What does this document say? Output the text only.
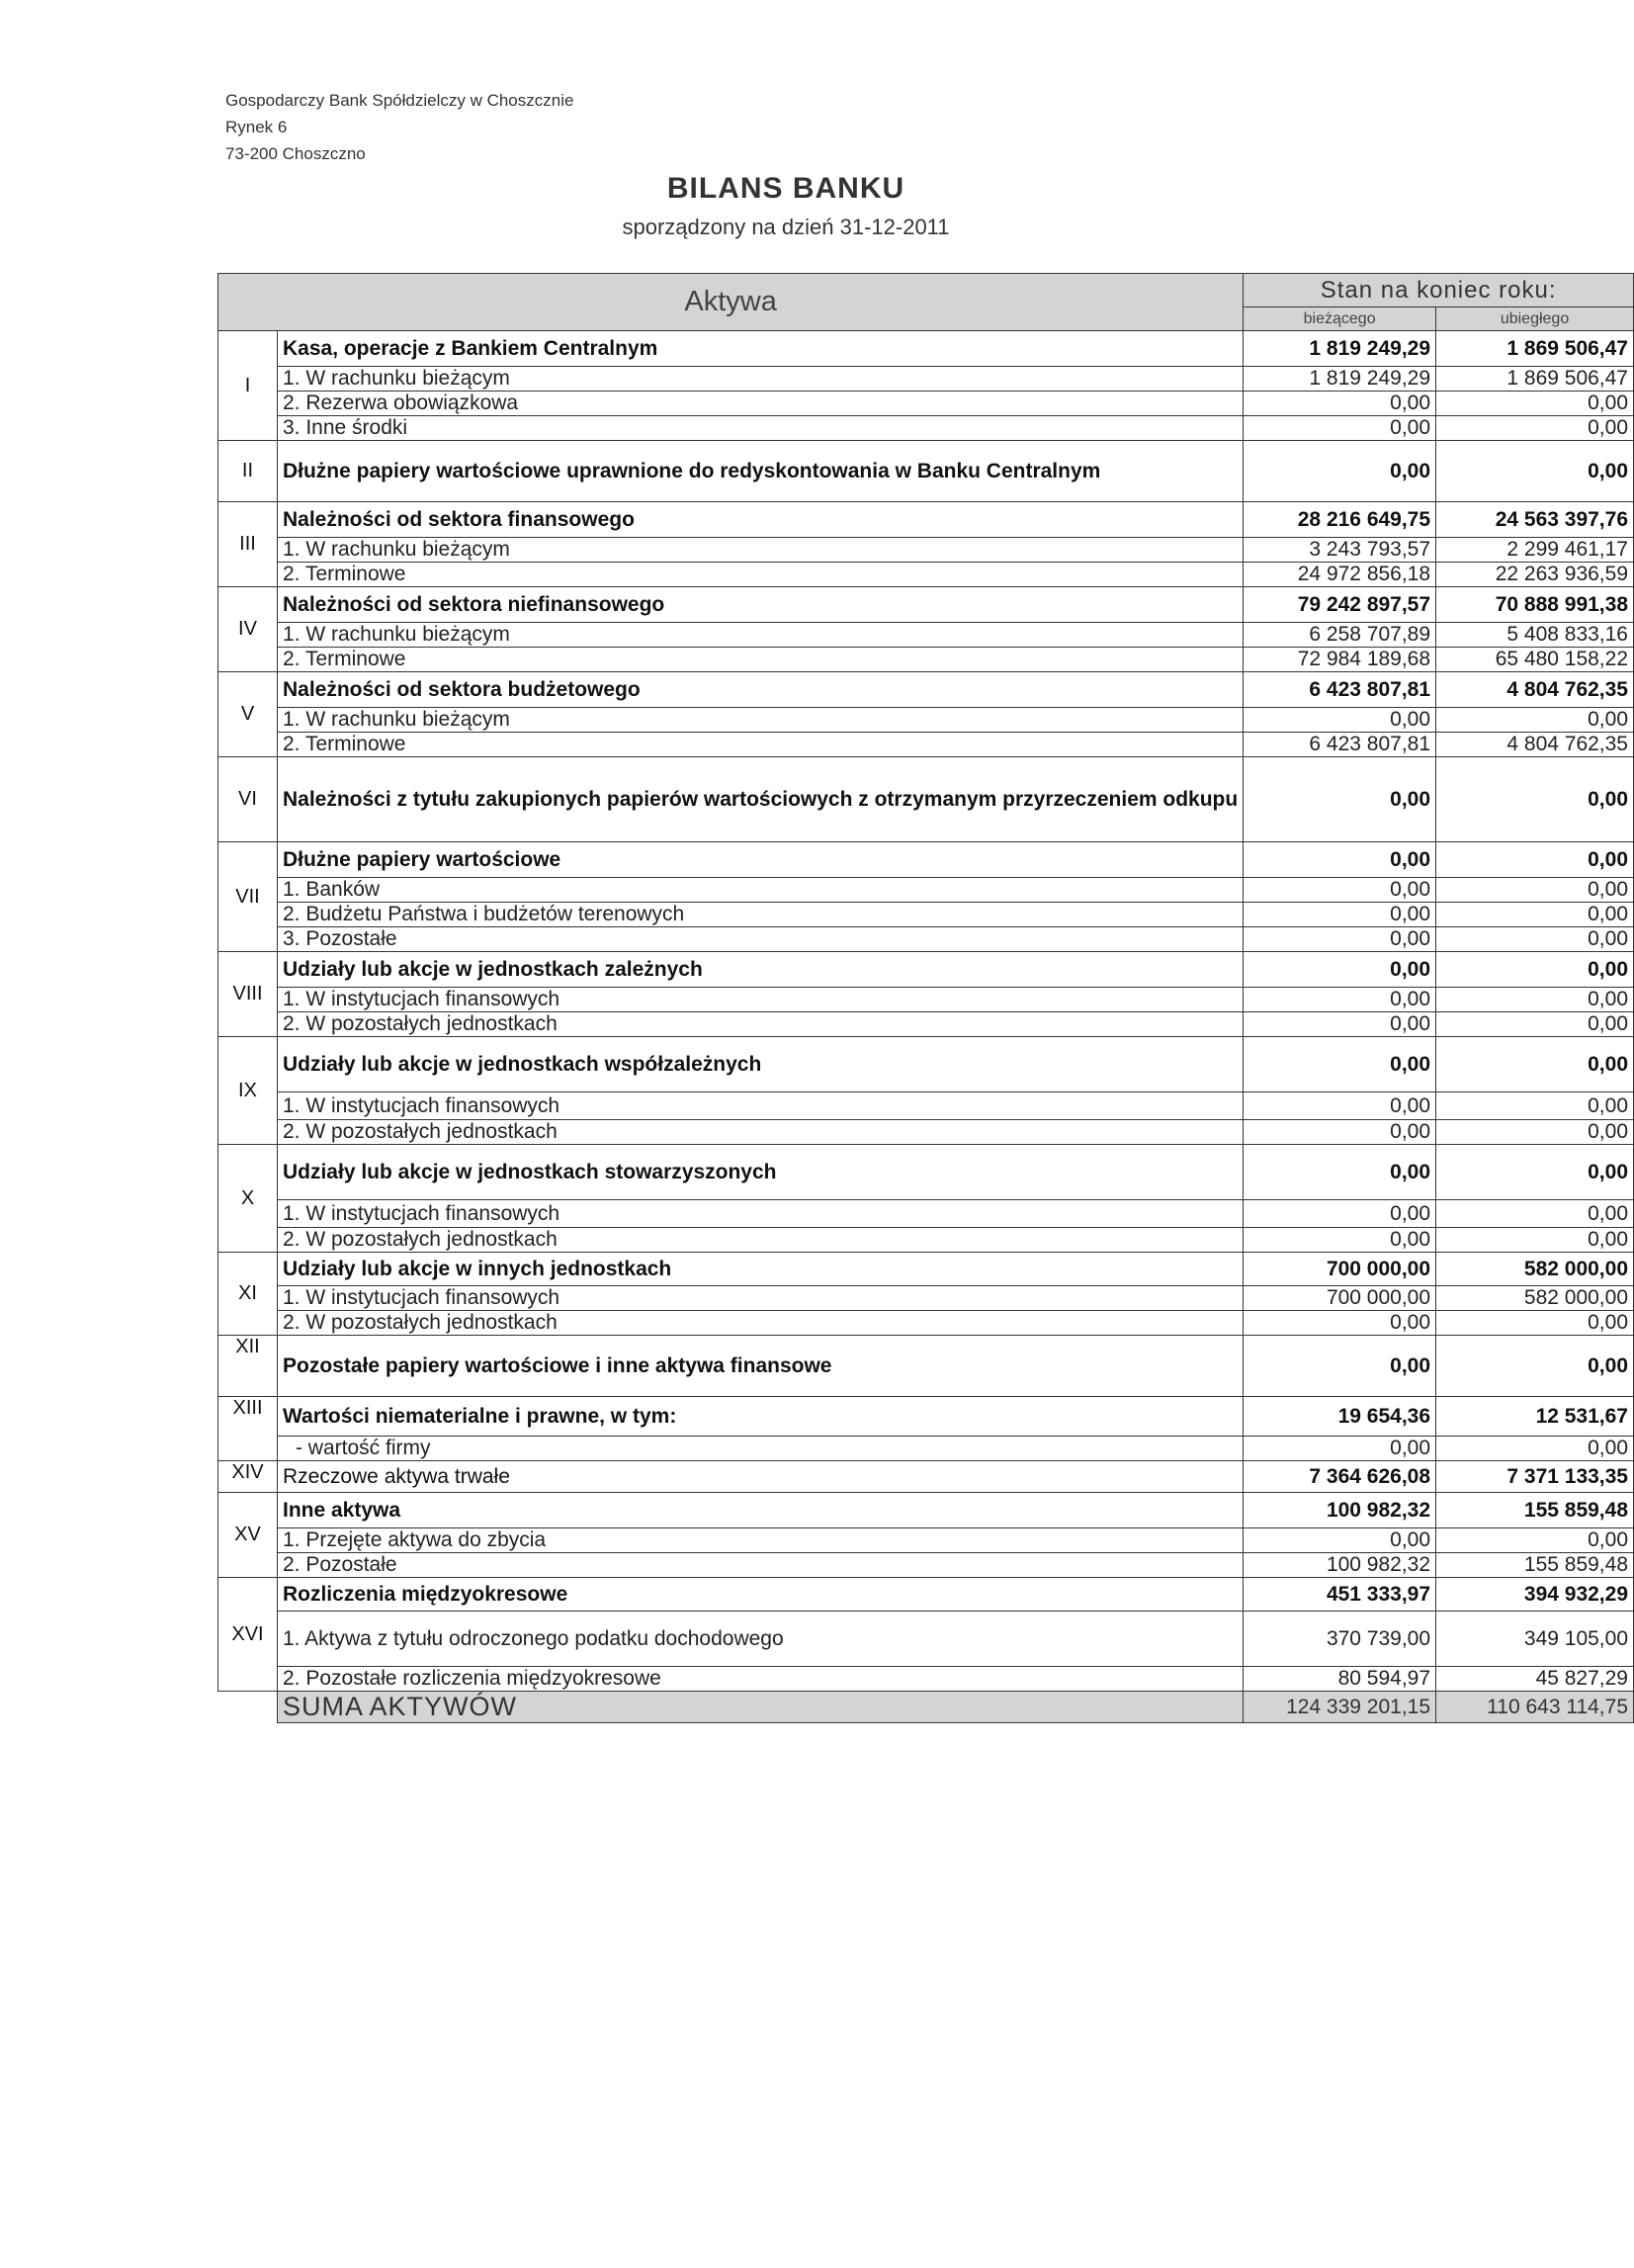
Gospodarczy Bank Spółdzielczy w Choszcznie
Rynek 6
73-200 Choszczno
BILANS BANKU
sporządzony na dzień 31-12-2011
Aktywa		Stan na koniec roku:	
		bieżącego	ubiegłego
I	Kasa, operacje z Bankiem Centralnym	1 819 249,29	1 869 506,47
	1. W rachunku bieżącym	1 819 249,29	1 869 506,47
	2. Rezerwa obowiązkowa	0,00	0,00
	3. Inne środki	0,00	0,00
II	Dłużne papiery wartościowe uprawnione do redyskontowania w Banku Centralnym	0,00	0,00
III	Należności od sektora finansowego	28 216 649,75	24 563 397,76
	1. W rachunku bieżącym	3 243 793,57	2 299 461,17
	2. Terminowe	24 972 856,18	22 263 936,59
IV	Należności od sektora niefinansowego	79 242 897,57	70 888 991,38
	1. W rachunku bieżącym	6 258 707,89	5 408 833,16
	2. Terminowe	72 984 189,68	65 480 158,22
V	Należności od sektora budżetowego	6 423 807,81	4 804 762,35
	1. W rachunku bieżącym	0,00	0,00
	2. Terminowe	6 423 807,81	4 804 762,35
VI	Należności z tytułu zakupionych papierów wartościowych z otrzymanym przyrzeczeniem odkupu	0,00	0,00
VII	Dłużne papiery wartościowe	0,00	0,00
	1. Banków	0,00	0,00
	2. Budżetu Państwa i budżetów terenowych	0,00	0,00
	3. Pozostałe	0,00	0,00
VIII	Udziały lub akcje w jednostkach zależnych	0,00	0,00
	1. W instytucjach finansowych	0,00	0,00
	2. W pozostałych jednostkach	0,00	0,00
IX	Udziały lub akcje w jednostkach współzależnych	0,00	0,00
	1. W instytucjach finansowych	0,00	0,00
	2. W pozostałych jednostkach	0,00	0,00
X	Udziały lub akcje w jednostkach stowarzyszonych	0,00	0,00
	1. W instytucjach finansowych	0,00	0,00
	2. W pozostałych jednostkach	0,00	0,00
XI	Udziały lub akcje w innych jednostkach	700 000,00	582 000,00
	1. W instytucjach finansowych	700 000,00	582 000,00
	2. W pozostałych jednostkach	0,00	0,00
XII	Pozostałe papiery wartościowe i inne aktywa finansowe	0,00	0,00
XIII	Wartości niematerialne i prawne, w tym:	19 654,36	12 531,67
	- wartość firmy	0,00	0,00
XIV	Rzeczowe aktywa trwałe	7 364 626,08	7 371 133,35
XV	Inne aktywa	100 982,32	155 859,48
	1. Przejęte aktywa do zbycia	0,00	0,00
	2. Pozostałe	100 982,32	155 859,48
XVI	Rozliczenia międzyokresowe	451 333,97	394 932,29
	1. Aktywa z tytułu odroczonego podatku dochodowego	370 739,00	349 105,00
	2. Pozostałe rozliczenia międzyokresowe	80 594,97	45 827,29
	SUMA AKTYWÓW	124 339 201,15	110 643 114,75
